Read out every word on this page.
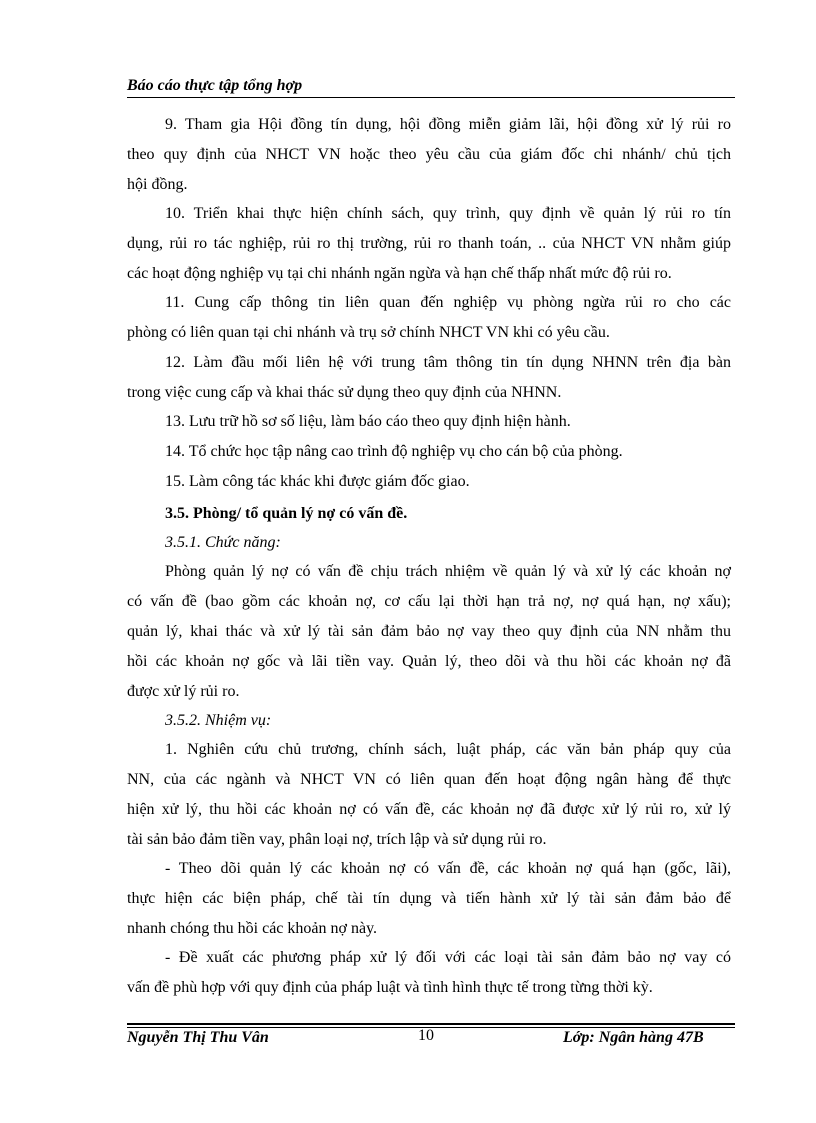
Báo cáo thực tập tổng hợp
9. Tham gia Hội đồng tín dụng, hội đồng miễn giảm lãi, hội đồng xử lý rủi ro
theo quy định của NHCT VN hoặc theo yêu cầu của giám đốc chi nhánh/ chủ tịch
hội đồng.
10. Triển khai thực hiện chính sách, quy trình, quy định về quản lý rủi ro tín
dụng, rủi ro tác nghiệp, rủi ro thị trường, rủi ro thanh toán, .. của NHCT VN nhằm giúp
các hoạt động nghiệp vụ tại chi nhánh ngăn ngừa và hạn chế thấp nhất mức độ rủi ro.
11. Cung cấp thông tin liên quan đến nghiệp vụ phòng ngừa rủi ro cho các
phòng có liên quan tại chi nhánh và trụ sở chính NHCT VN khi có yêu cầu.
12. Làm đầu mối liên hệ với trung tâm thông tin tín dụng NHNN trên địa bàn
trong việc cung cấp và khai thác sử dụng theo quy định của NHNN.
13. Lưu trữ hồ sơ số liệu, làm báo cáo theo quy định hiện hành.
14. Tổ chức học tập nâng cao trình độ nghiệp vụ cho cán bộ của phòng.
15. Làm công tác khác khi được giám đốc giao.
3.5. Phòng/ tổ quản lý nợ có vấn đề.
3.5.1. Chức năng:
Phòng quản lý nợ có vấn đề chịu trách nhiệm về quản lý và xử lý các khoản nợ
có vấn đề (bao gồm các khoản nợ, cơ cấu lại thời hạn trả nợ, nợ quá hạn, nợ xấu);
quản lý, khai thác và xử lý tài sản đảm bảo nợ vay theo quy định của NN nhằm thu
hồi các khoản nợ gốc và lãi tiền vay. Quản lý, theo dõi và thu hồi các khoản nợ đã
được xử lý rủi ro.
3.5.2. Nhiệm vụ:
1. Nghiên cứu chủ trương, chính sách, luật pháp, các văn bản pháp quy của
NN, của các ngành và NHCT VN có liên quan đến hoạt động ngân hàng để thực
hiện xử lý, thu hồi các khoản nợ có vấn đề, các khoản nợ đã được xử lý rủi ro, xử lý
tài sản bảo đảm tiền vay, phân loại nợ, trích lập và sử dụng rủi ro.
- Theo dõi quản lý các khoản nợ có vấn đề, các khoản nợ quá hạn (gốc, lãi),
thực hiện các biện pháp, chế tài tín dụng và tiến hành xử lý tài sản đảm bảo để
nhanh chóng thu hồi các khoản nợ này.
- Đề xuất các phương pháp xử lý đối với các loại tài sản đảm bảo nợ vay có
vấn đề phù hợp với quy định của pháp luật và tình hình thực tế trong từng thời kỳ.
Nguyễn Thị Thu Vân	10	Lớp: Ngân hàng 47B
